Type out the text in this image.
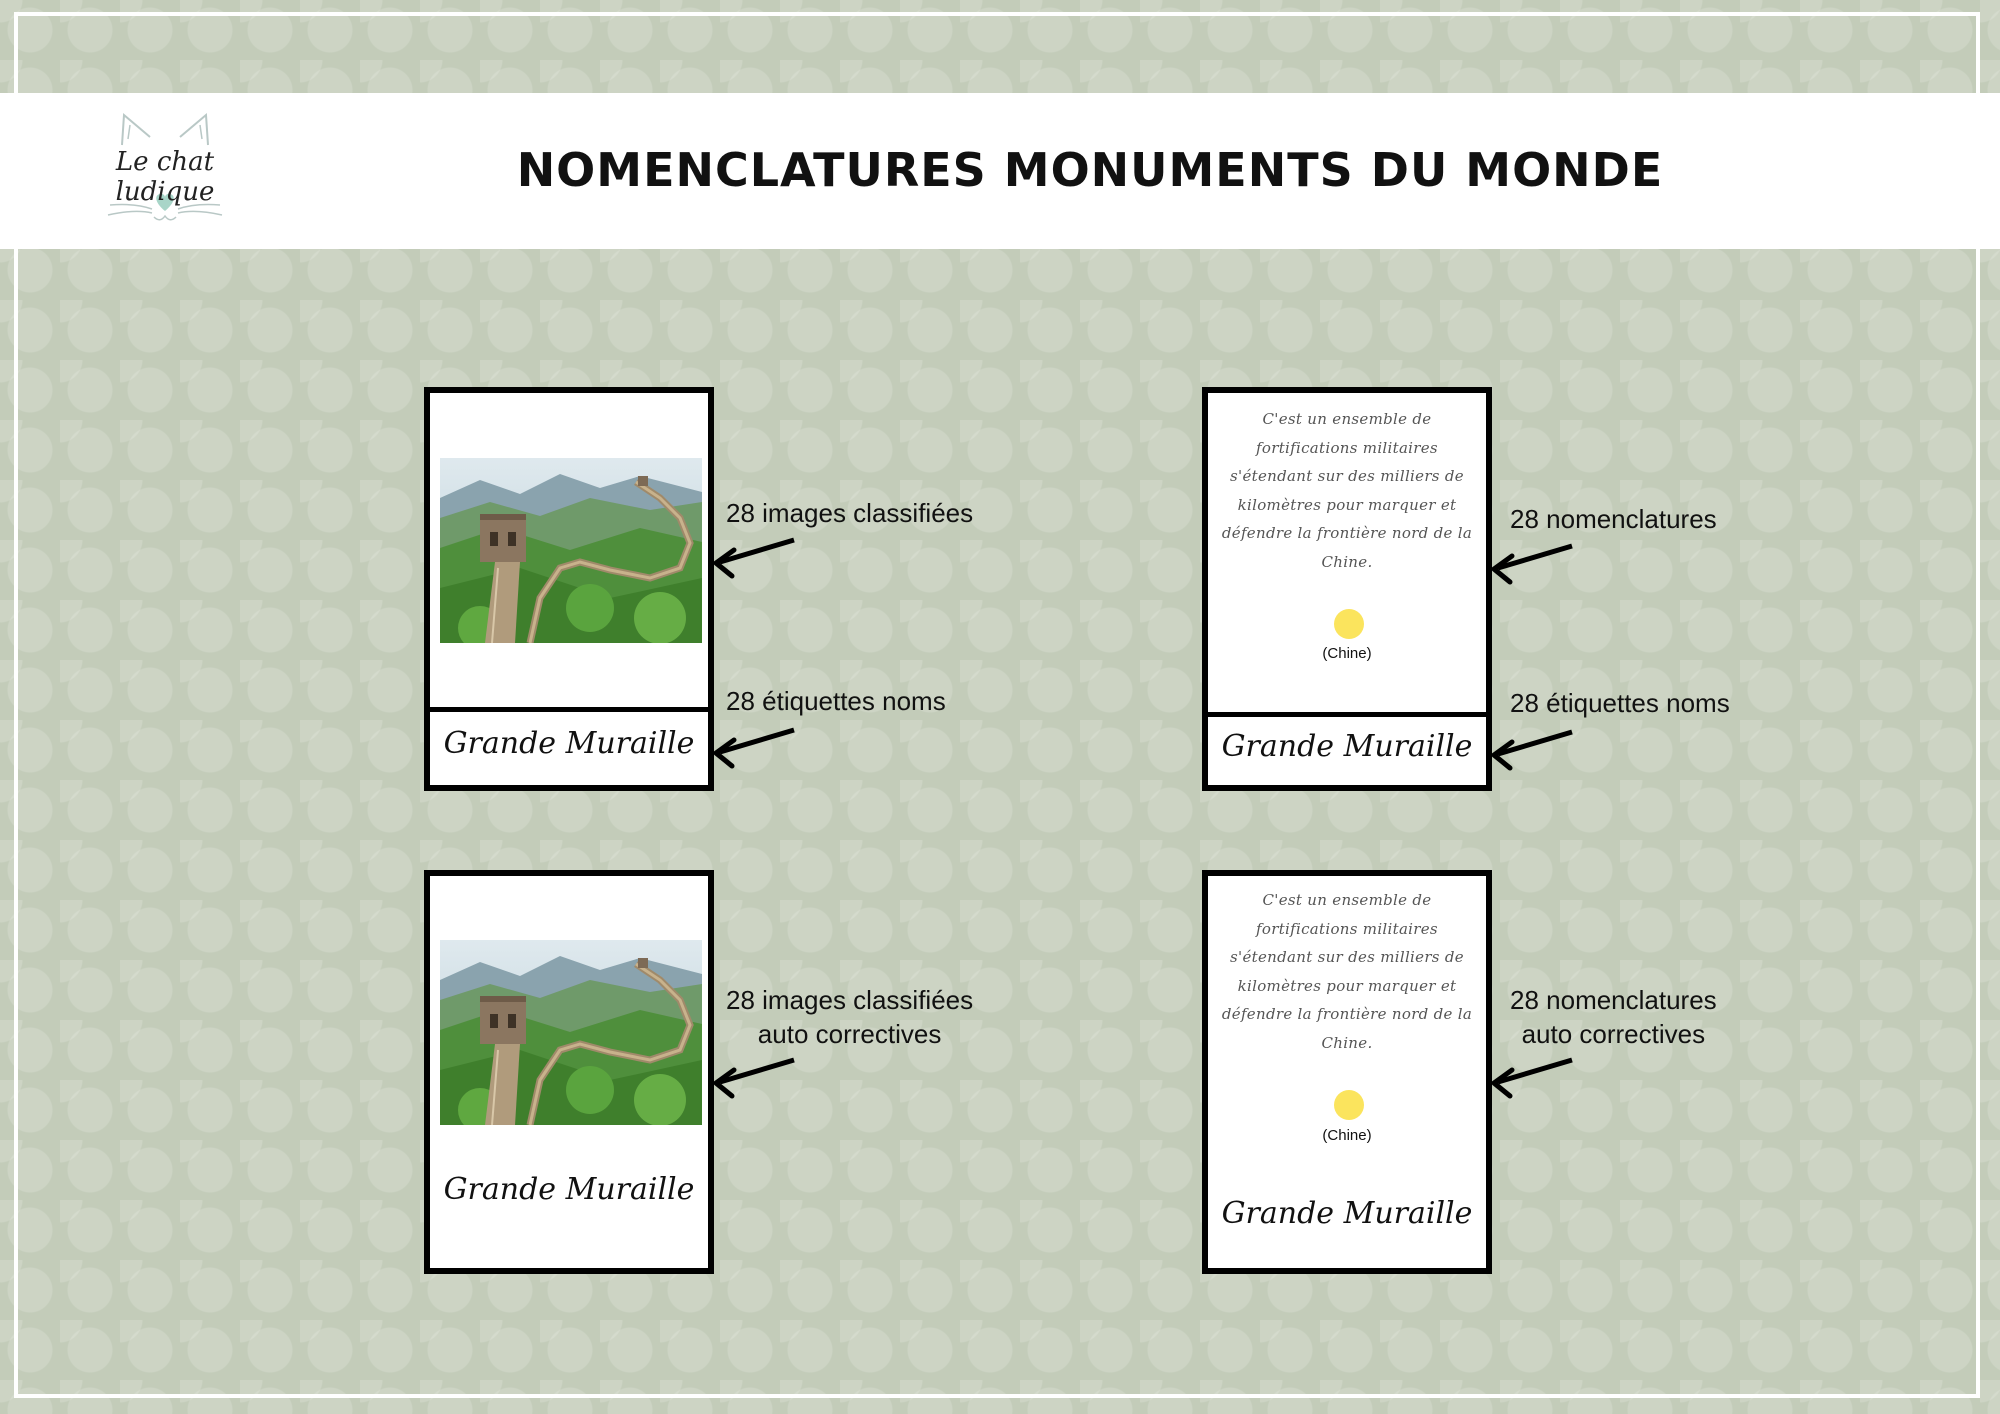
Le chat ludique	NOMENCLATURES MONUMENTS DU MONDE
Grande Muraille
C'est un ensemble de fortifications militaires s'étendant sur des milliers de kilomètres pour marquer et défendre la frontière nord de la Chine.
(Chine)
Grande Muraille
Grande Muraille
C'est un ensemble de fortifications militaires s'étendant sur des milliers de kilomètres pour marquer et défendre la frontière nord de la Chine.
(Chine)
Grande Muraille
28 images classifiées
28 étiquettes noms
28 nomenclatures
28 étiquettes noms
28 images classifiées
auto correctives
28 nomenclatures
auto correctives
